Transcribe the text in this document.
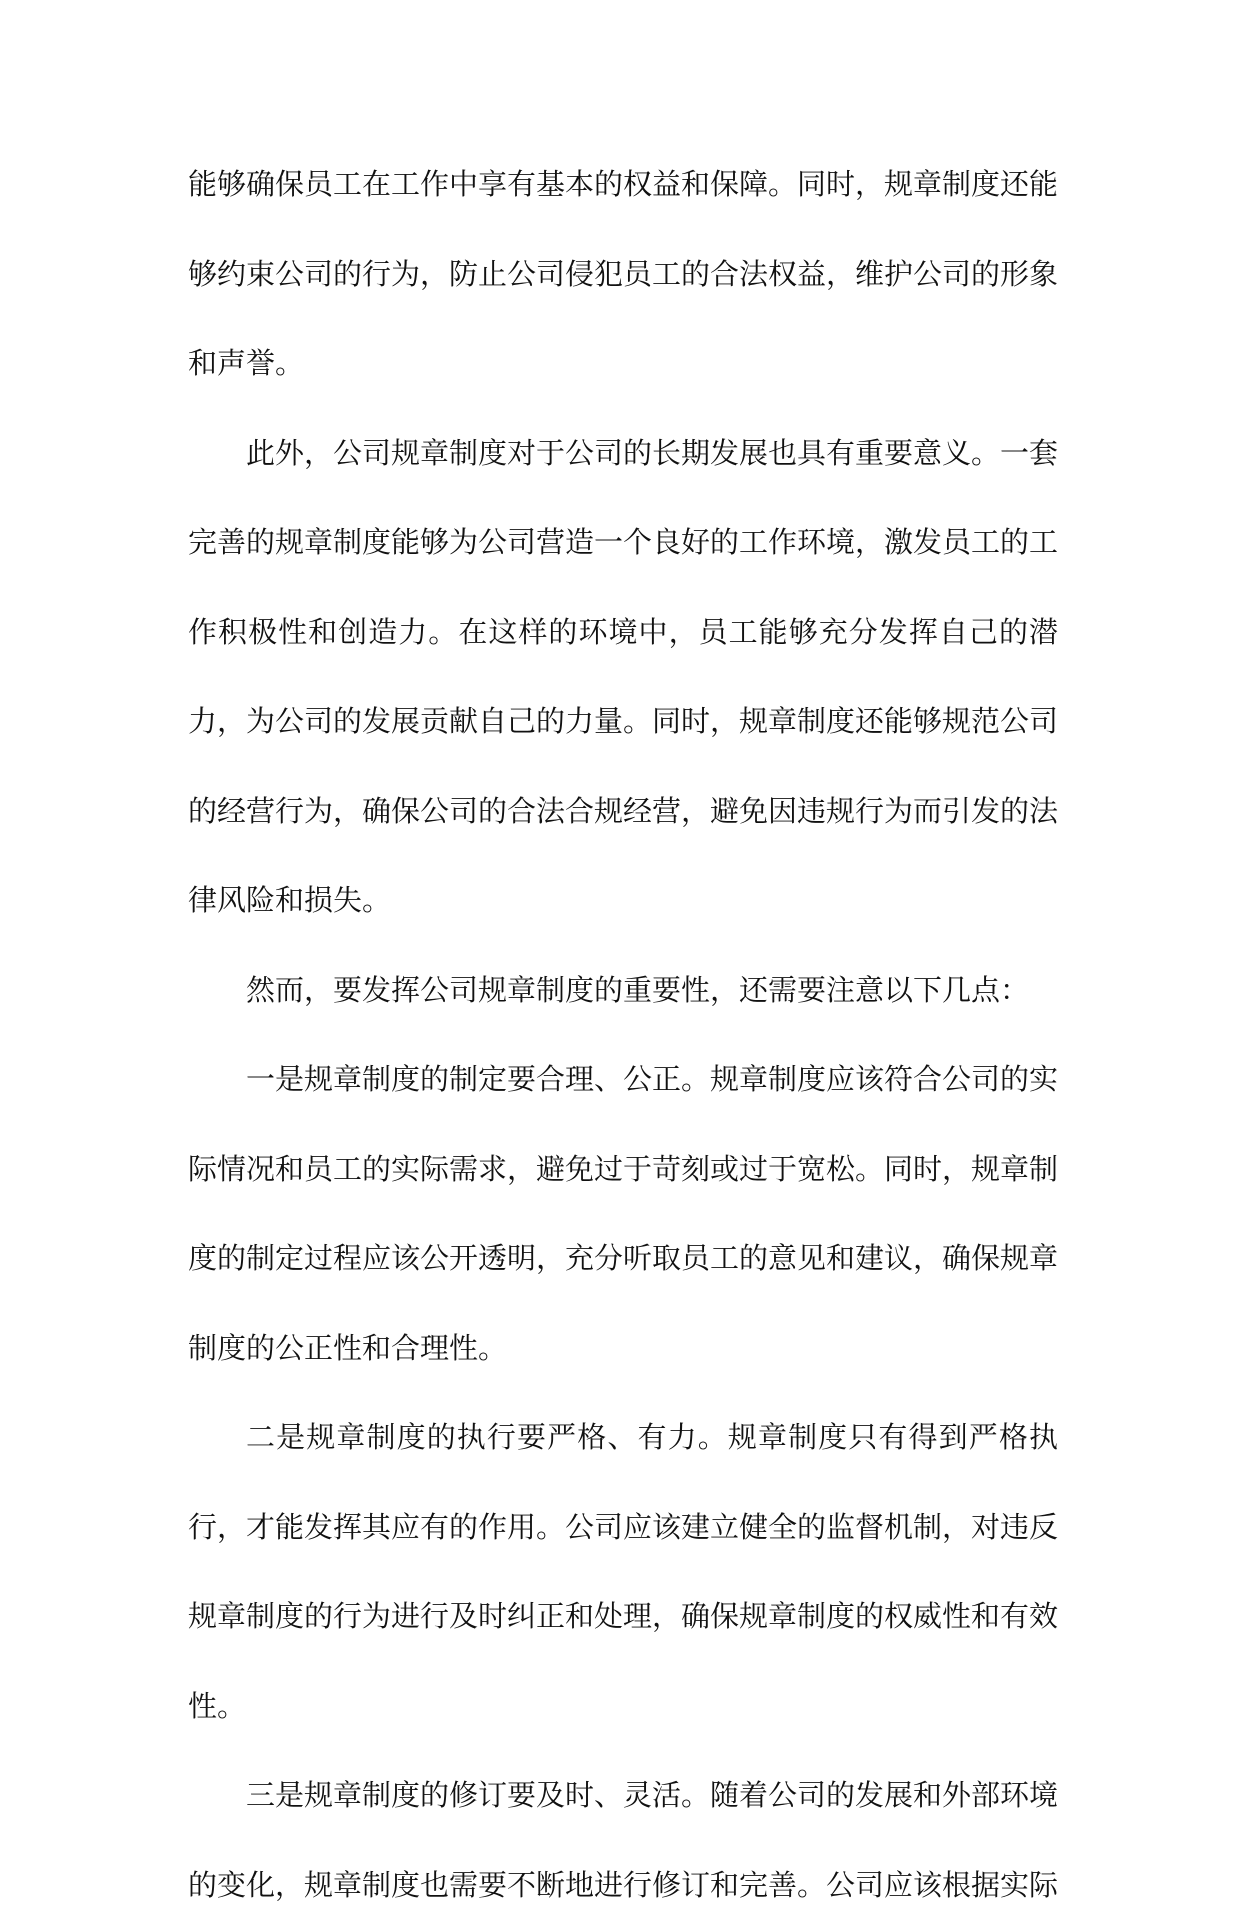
能够确保员工在工作中享有基本的权益和保障。同时，规章制度还能够约束公司的行为，防止公司侵犯员工的合法权益，维护公司的形象和声誉。

此外，公司规章制度对于公司的长期发展也具有重要意义。一套完善的规章制度能够为公司营造一个良好的工作环境，激发员工的工作积极性和创造力。在这样的环境中，员工能够充分发挥自己的潜力，为公司的发展贡献自己的力量。同时，规章制度还能够规范公司的经营行为，确保公司的合法合规经营，避免因违规行为而引发的法律风险和损失。

然而，要发挥公司规章制度的重要性，还需要注意以下几点：

一是规章制度的制定要合理、公正。规章制度应该符合公司的实际情况和员工的实际需求，避免过于苛刻或过于宽松。同时，规章制度的制定过程应该公开透明，充分听取员工的意见和建议，确保规章制度的公正性和合理性。

二是规章制度的执行要严格、有力。规章制度只有得到严格执行，才能发挥其应有的作用。公司应该建立健全的监督机制，对违反规章制度的行为进行及时纠正和处理，确保规章制度的权威性和有效性。

三是规章制度的修订要及时、灵活。随着公司的发展和外部环境的变化，规章制度也需要不断地进行修订和完善。公司应该根据实际
